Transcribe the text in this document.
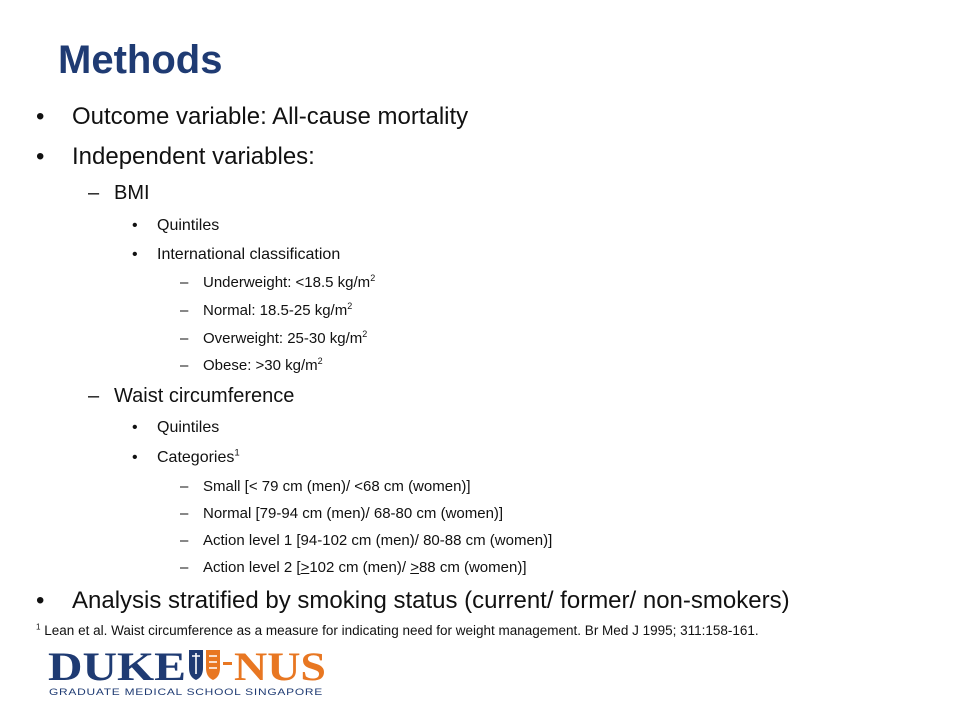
Methods
• Outcome variable: All-cause mortality
• Independent variables:
– BMI
• Quintiles
• International classification
– Underweight: <18.5 $kg/m^2$
– Normal: 18.5-25 $kg/m^2$
– Overweight: 25-30 $kg/m^2$
– Obese: >30 $kg/m^2$
– Waist circumference
• Quintiles
• Categories$^1$
– Small [< 79 cm (men)/ <68 cm (women)]
– Normal [79-94 cm (men)/ 68-80 cm (women)]
– Action level 1 [94-102 cm (men)/ 80-88 cm (women)]
– Action level 2 [≥102 cm (men)/ ≥88 cm (women)]
• Analysis stratified by smoking status (current/ former/ non-smokers)
$^1$ Lean et al. Waist circumference as a measure for indicating need for weight management. Br Med J 1995; 311:158-161.
DUKE NUS
GRADUATE MEDICAL SCHOOL SINGAPORE
